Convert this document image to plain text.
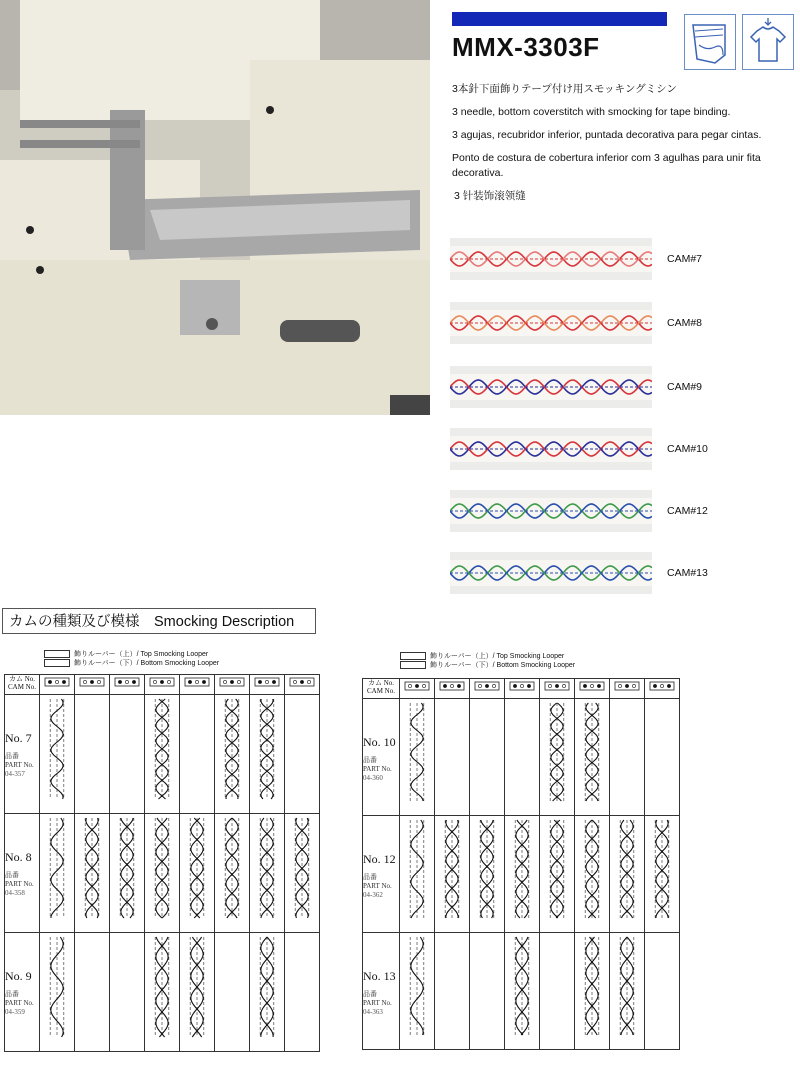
MMX-3303F

3本針下面飾りテープ付け用スモッキングミシン

3 needle, bottom coverstitch with smocking for tape binding.

3 agujas, recubridor inferior, puntada decorativa para pegar cintas.

Ponto de costura de cobertura inferior com 3 agulhas para unir fita decorativa.

3 针装饰滚领缝

CAM#7
CAM#8
CAM#9
CAM#10
CAM#12
CAM#13
カムの種類及び模様　Smocking Description
飾りルーパー（上）/ Top Smocking Looper
飾りルーパー（下）/ Bottom Smocking Looper
飾りルーパー（上）/ Top Smocking Looper
飾りルーパー（下）/ Bottom Smocking Looper
カム No.
CAM No.

No. 7
品番
PART No.
04-357

No. 8
品番
PART No.
04-358

No. 9
品番
PART No.
04-359

カム No.
CAM No.

No. 10
品番
PART No.
04-360

No. 12
品番
PART No.
04-362

No. 13
品番
PART No.
04-363
